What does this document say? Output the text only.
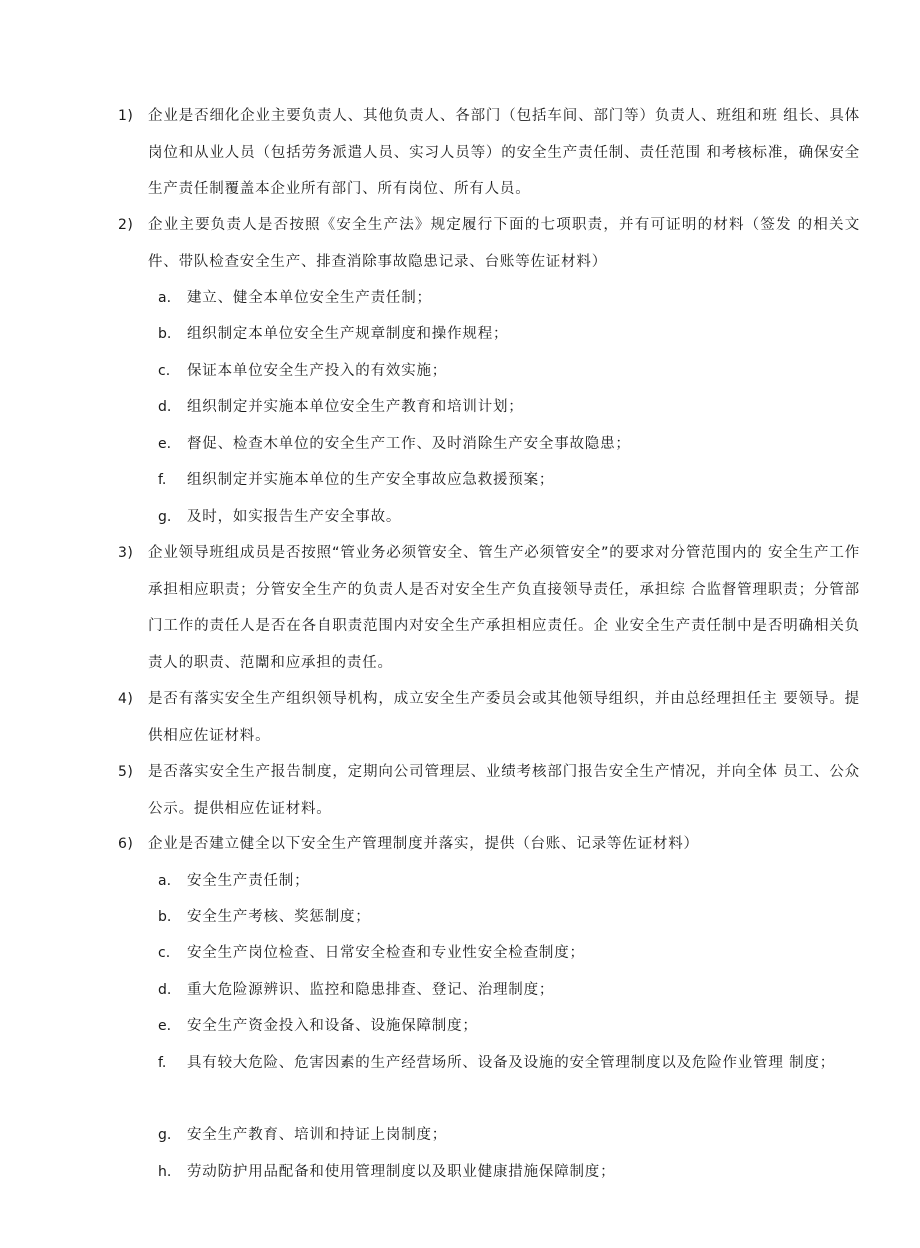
1) 企业是否细化企业主要负责人、其他负责人、各部门（包括车间、部门等）负责人、班组和班 组长、具体岗位和从业人员（包括劳务派遣人员、实习人员等）的安全生产责任制、责任范围 和考核标准，确保安全生产责任制覆盖本企业所有部门、所有岗位、所有人员。
2) 企业主要负责人是否按照《安全生产法》规定履行下面的七项职责，并有可证明的材料（签发 的相关文件、带队检查安全生产、排查消除事故隐患记录、台账等佐证材料）
a. 建立、健全本单位安全生产责任制；
b. 组织制定本单位安全生产规章制度和操作规程；
c. 保证本单位安全生产投入的有效实施；
d. 组织制定并实施本单位安全生产教育和培训计划；
e. 督促、检查木单位的安全生产工作、及时消除生产安全事故隐患；
f. 组织制定并实施本单位的生产安全事故应急救援预案；
g. 及时，如实报告生产安全事故。
3) 企业领导班组成员是否按照“管业务必须管安全、管生产必须管安全”的要求对分管范围内的 安全生产工作承担相应职责；分管安全生产的负责人是否对安全生产负直接领导责任，承担综 合监督管理职责；分管部门工作的责任人是否在各自职责范围内对安全生产承担相应责任。企 业安全生产责任制中是否明确相关负责人的职责、范闈和应承担的责任。
4) 是否有落实安全生产组织领导机构，成立安全生产委员会或其他领导组织，并由总经理担任主 要领导。提供相应佐证材料。
5) 是否落实安全生产报告制度，定期向公司管理层、业绩考核部门报告安全生产情况，并向全体 员工、公众公示。提供相应佐证材料。
6) 企业是否建立健全以下安全生产管理制度并落实，提供（台账、记录等佐证材料）
a. 安全生产责任制；
b. 安全生产考核、奖惩制度；
c. 安全生产岗位检查、日常安全检查和专业性安全检查制度；
d. 重大危险源辨识、监控和隐患排查、登记、治理制度；
e. 安全生产资金投入和设备、设施保障制度；
f. 具有较大危险、危害因素的生产经营场所、设备及设施的安全管理制度以及危险作业管理 制度；
g. 安全生产教育、培训和持证上岗制度；
h. 劳动防护用品配备和使用管理制度以及职业健康措施保障制度；
